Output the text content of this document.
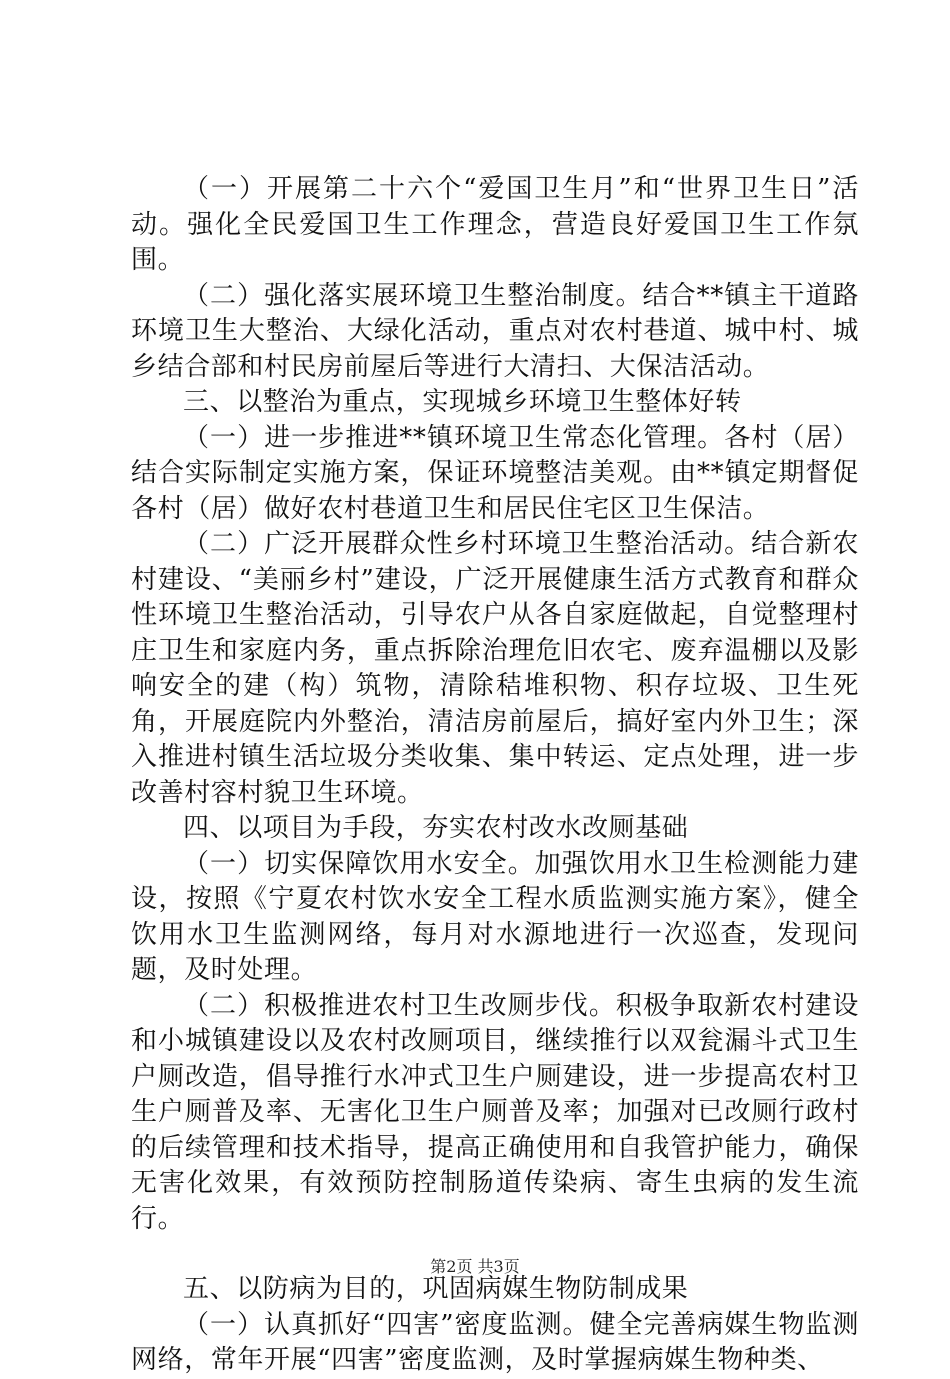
（一）开展第二十六个“爱国卫生月”和“世界卫生日”活动。强化全民爱国卫生工作理念，营造良好爱国卫生工作氛围。

（二）强化落实展环境卫生整治制度。结合**镇主干道路环境卫生大整治、大绿化活动，重点对农村巷道、城中村、城乡结合部和村民房前屋后等进行大清扫、大保洁活动。

三、以整治为重点，实现城乡环境卫生整体好转

（一）进一步推进**镇环境卫生常态化管理。各村（居）结合实际制定实施方案，保证环境整洁美观。由**镇定期督促各村（居）做好农村巷道卫生和居民住宅区卫生保洁。

（二）广泛开展群众性乡村环境卫生整治活动。结合新农村建设、“美丽乡村”建设，广泛开展健康生活方式教育和群众性环境卫生整治活动，引导农户从各自家庭做起，自觉整理村庄卫生和家庭内务，重点拆除治理危旧农宅、废弃温棚以及影响安全的建（构）筑物，清除秸堆积物、积存垃圾、卫生死角，开展庭院内外整治，清洁房前屋后，搞好室内外卫生；深入推进村镇生活垃圾分类收集、集中转运、定点处理，进一步改善村容村貌卫生环境。

四、以项目为手段，夯实农村改水改厕基础

（一）切实保障饮用水安全。加强饮用水卫生检测能力建设，按照《宁夏农村饮水安全工程水质监测实施方案》，健全饮用水卫生监测网络，每月对水源地进行一次巡查，发现问题，及时处理。

（二）积极推进农村卫生改厕步伐。积极争取新农村建设和小城镇建设以及农村改厕项目，继续推行以双瓮漏斗式卫生户厕改造，倡导推行水冲式卫生户厕建设，进一步提高农村卫生户厕普及率、无害化卫生户厕普及率；加强对已改厕行政村的后续管理和技术指导，提高正确使用和自我管护能力，确保无害化效果，有效预防控制肠道传染病、寄生虫病的发生流行。

五、以防病为目的，巩固病媒生物防制成果

（一）认真抓好“四害”密度监测。健全完善病媒生物监测网络，常年开展“四害”密度监测，及时掌握病媒生物种类、

第2页 共3页
